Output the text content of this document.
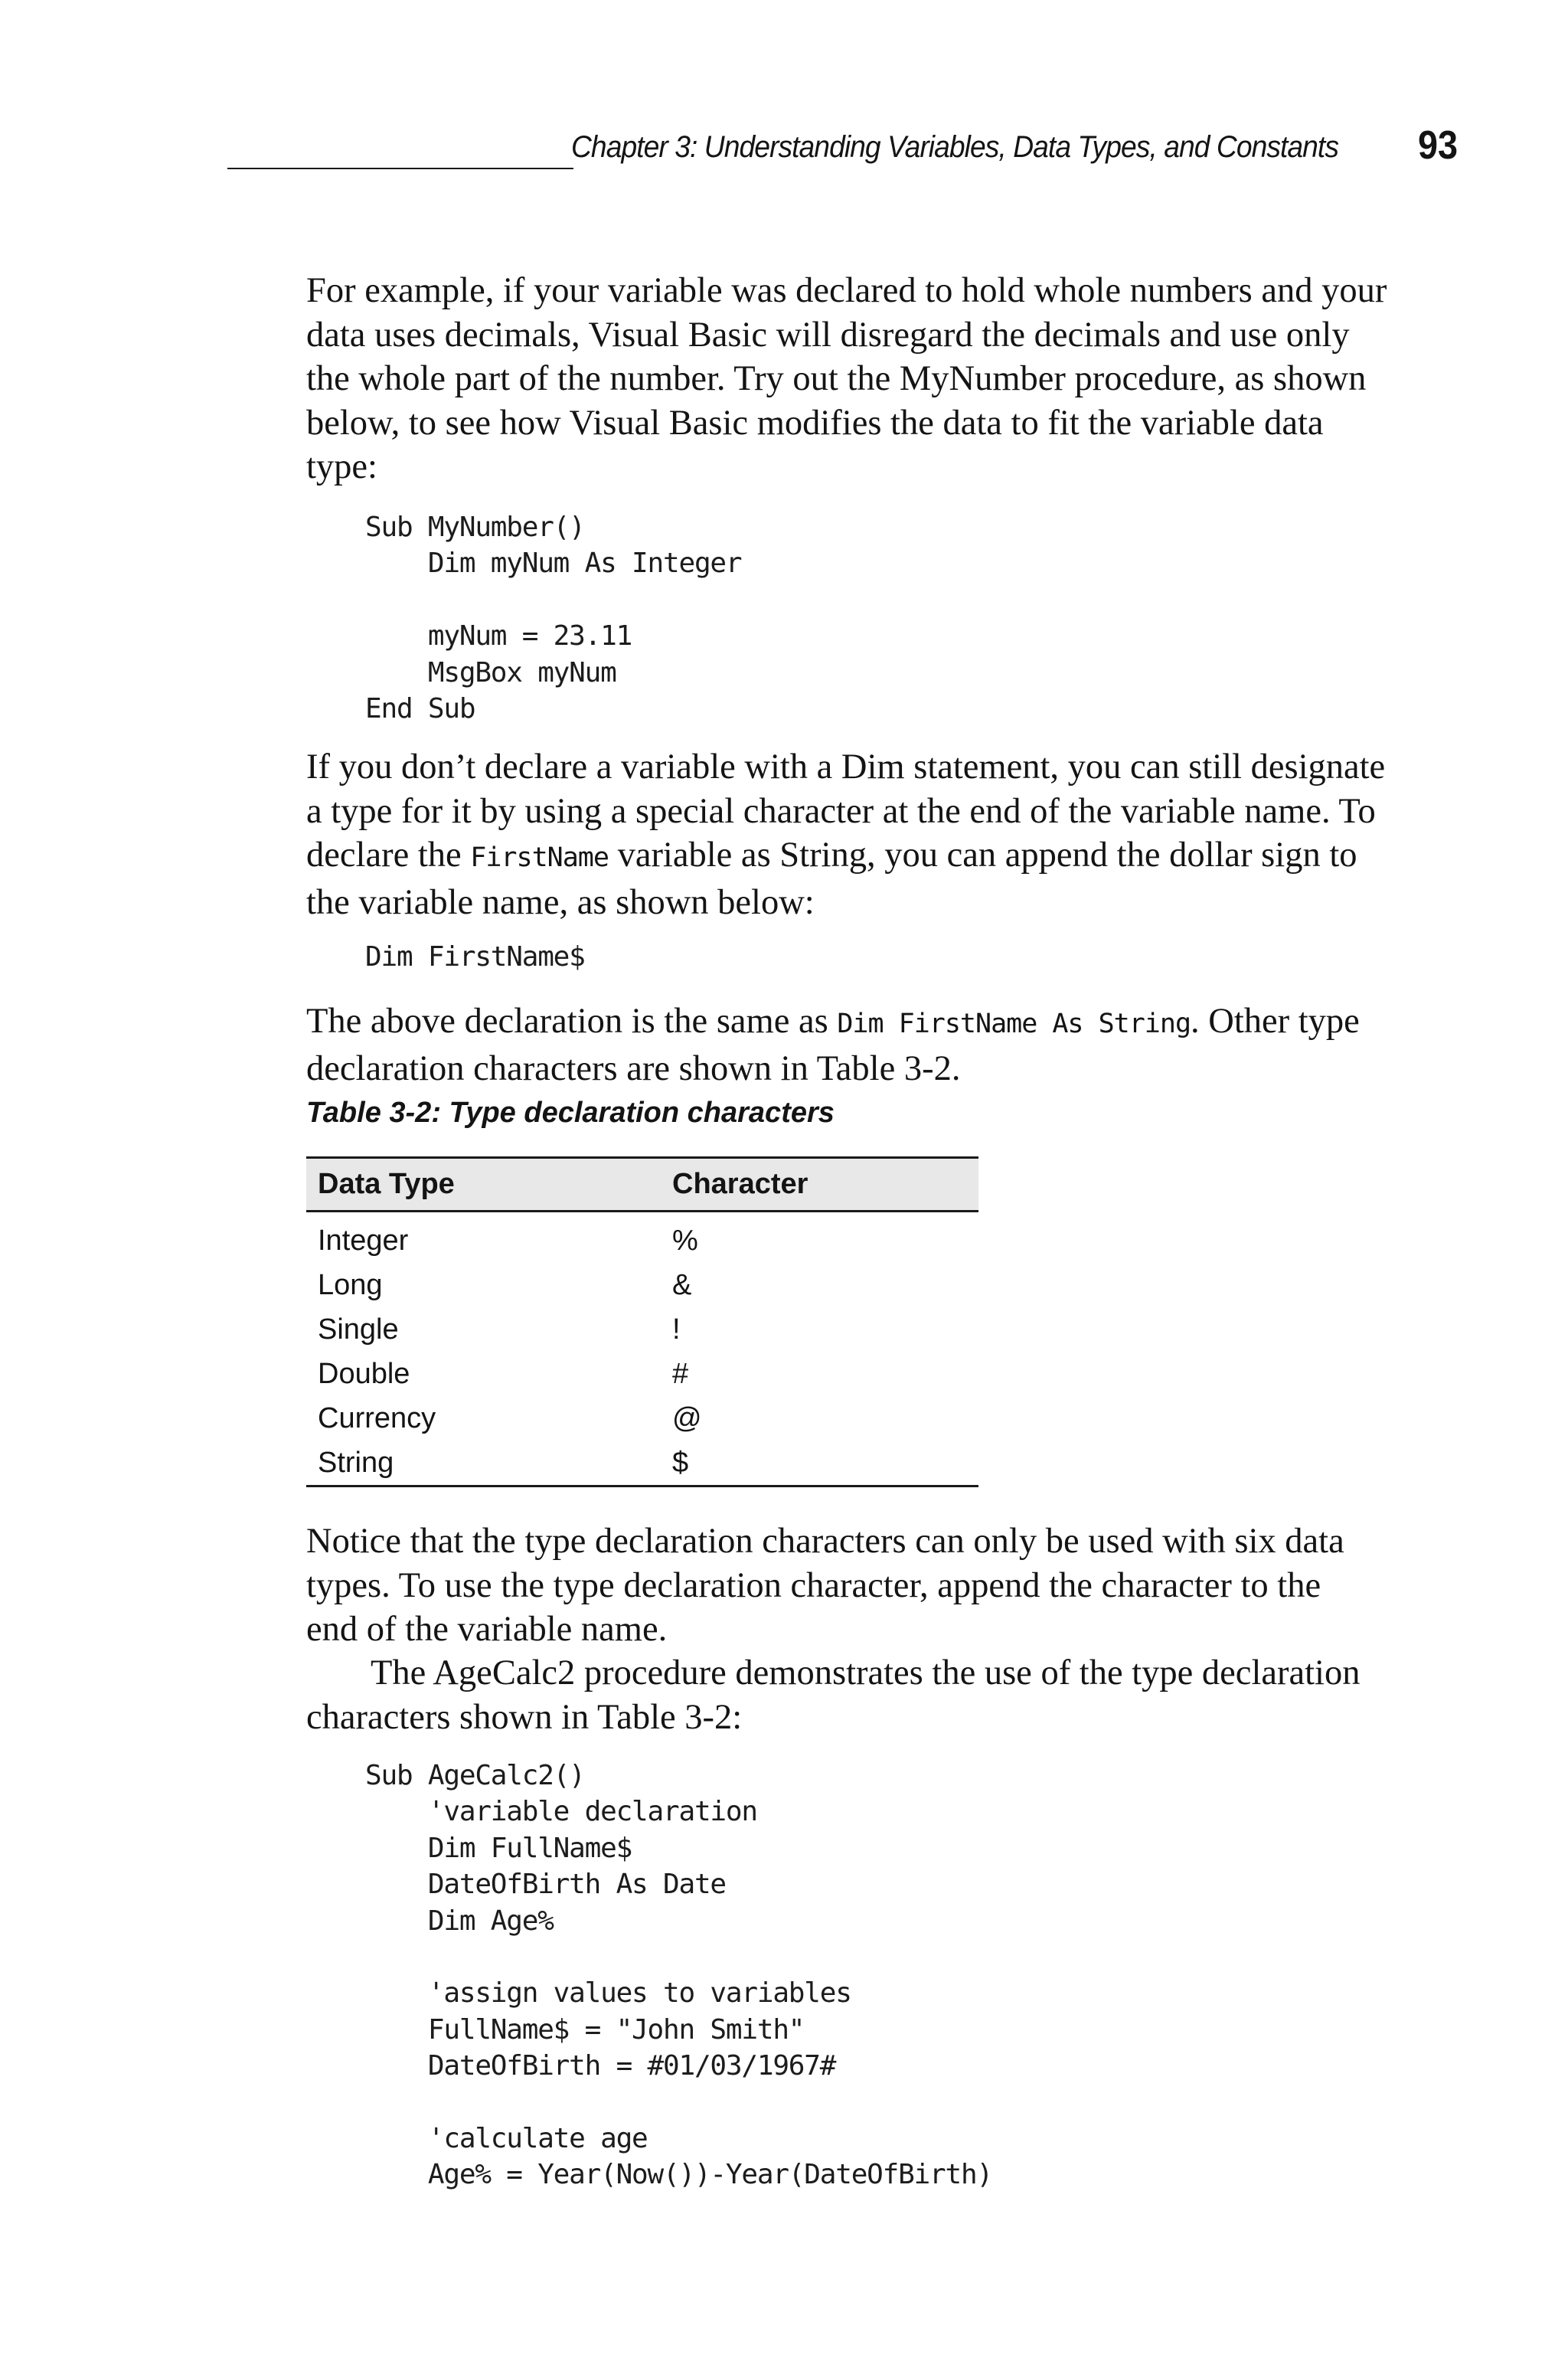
Chapter 3: Understanding Variables, Data Types, and Constants 93

For example, if your variable was declared to hold whole numbers and your
data uses decimals, Visual Basic will disregard the decimals and use only
the whole part of the number. Try out the MyNumber procedure, as shown
below, to see how Visual Basic modifies the data to fit the variable data
type:

Sub MyNumber()
Dim myNum As Integer

myNum = 23.11
MsgBox myNum
End Sub

If you don’t declare a variable with a Dim statement, you can still designate
a type for it by using a special character at the end of the variable name. To
declare the FirstName variable as String, you can append the dollar sign to
the variable name, as shown below:

Dim FirstName$

The above declaration is the same as Dim FirstName As String. Other type
declaration characters are shown in Table 3-2.

Table 3-2: Type declaration characters
Data Type	Character
Integer	%
Long	&
Single	!
Double	#
Currency	@
String	$

Notice that the type declaration characters can only be used with six data
types. To use the type declaration character, append the character to the
end of the variable name.

The AgeCalc2 procedure demonstrates the use of the type declaration
characters shown in Table 3-2:

Sub AgeCalc2()
'variable declaration
Dim FullName$
DateOfBirth As Date
Dim Age%

'assign values to variables
FullName$ = "John Smith"
DateOfBirth = #01/03/1967#

'calculate age
Age% = Year(Now())-Year(DateOfBirth)
